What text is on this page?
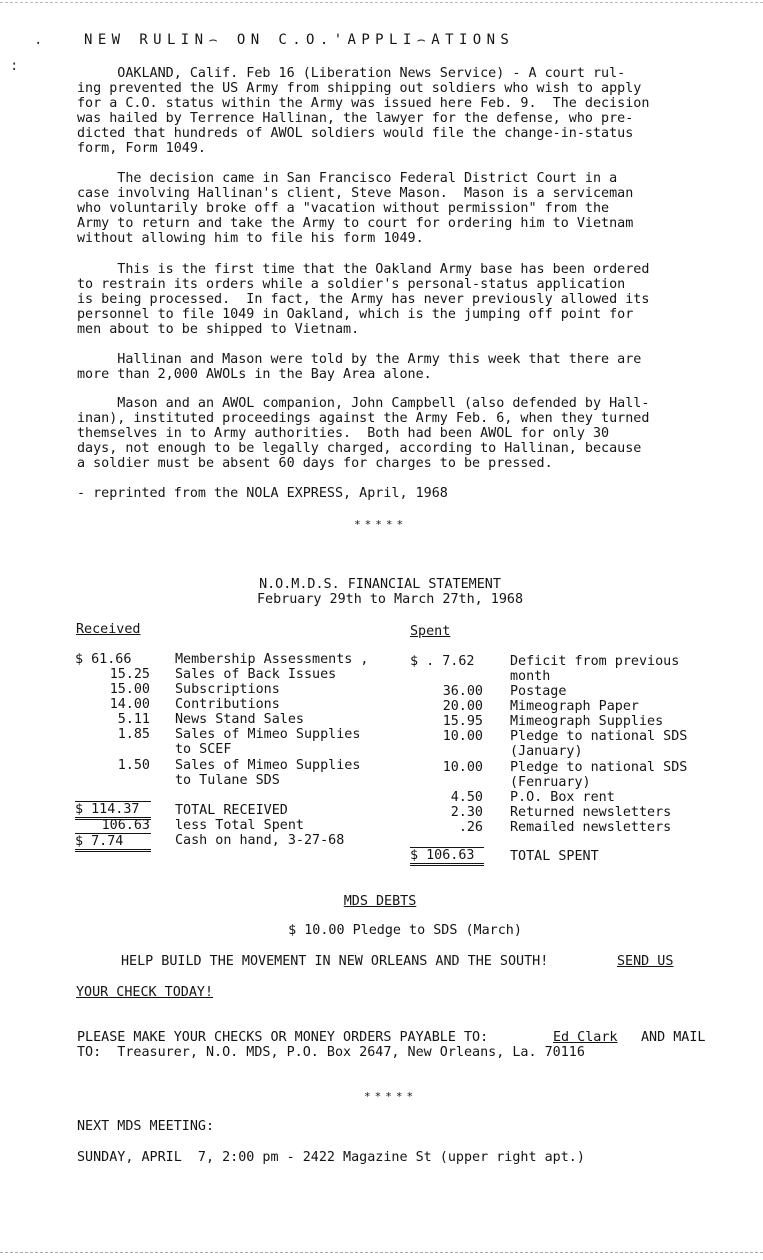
·
:
NEW RULIN⌢ ON C.O.'APPLI⌢ATIONS

OAKLAND, Calif. Feb 16 (Liberation News Service) - A court rul-
ing prevented the US Army from shipping out soldiers who wish to apply
for a C.O. status within the Army was issued here Feb. 9.  The decision
was hailed by Terrence Hallinan, the lawyer for the defense, who pre-
dicted that hundreds of AWOL soldiers would file the change-in-status
form, Form 1049.

The decision came in San Francisco Federal District Court in a
case involving Hallinan's client, Steve Mason.  Mason is a serviceman
who voluntarily broke off a "vacation without permission" from the
Army to return and take the Army to court for ordering him to Vietnam
without allowing him to file his form 1049.

This is the first time that the Oakland Army base has been ordered
to restrain its orders while a soldier's personal-status application
is being processed.  In fact, the Army has never previously allowed its
personnel to file 1049 in Oakland, which is the jumping off point for
men about to be shipped to Vietnam.

Hallinan and Mason were told by the Army this week that there are
more than 2,000 AWOLs in the Bay Area alone.

Mason and an AWOL companion, John Campbell (also defended by Hall-
inan), instituted proceedings against the Army Feb. 6, when they turned
themselves in to Army authorities.  Both had been AWOL for only 30
days, not enough to be legally charged, according to Hallinan, because
a soldier must be absent 60 days for charges to be pressed.

- reprinted from the NOLA EXPRESS, April, 1968

*****

N.O.M.D.S. FINANCIAL STATEMENT

February 29th to March 27th, 1968

Received	Spent

$ 61.66	Membership Assessments ,

15.25 Sales of Back Issues

15.00 Subscriptions

14.00 Contributions

5.11 News Stand Sales

1.85 Sales of Mimeo Supplies
to SCEF

1.50 Sales of Mimeo Supplies
to Tulane SDS

$ 114.37	TOTAL RECEIVED

106.63 less Total Spent

$ 7.74	Cash on hand, 3-27-68

$ . 7.62	Deficit from previous
month

36.00 Postage

20.00 Mimeograph Paper

15.95 Mimeograph Supplies

10.00 Pledge to national SDS
(January)

10.00 Pledge to national SDS
(Fenruary)

4.50 P.O. Box rent

2.30 Returned newsletters

.26 Remailed newsletters

$ 106.63	TOTAL SPENT

MDS DEBTS

$ 10.00 Pledge to SDS (March)

HELP BUILD THE MOVEMENT IN NEW ORLEANS AND THE SOUTH!	SEND US

YOUR CHECK TODAY!

PLEASE MAKE YOUR CHECKS OR MONEY ORDERS PAYABLE TO:	Ed Clark AND MAIL

TO:  Treasurer, N.O. MDS, P.O. Box 2647, New Orleans, La. 70116

*****

NEXT MDS MEETING:

SUNDAY, APRIL  7, 2:00 pm - 2422 Magazine St (upper right apt.)
